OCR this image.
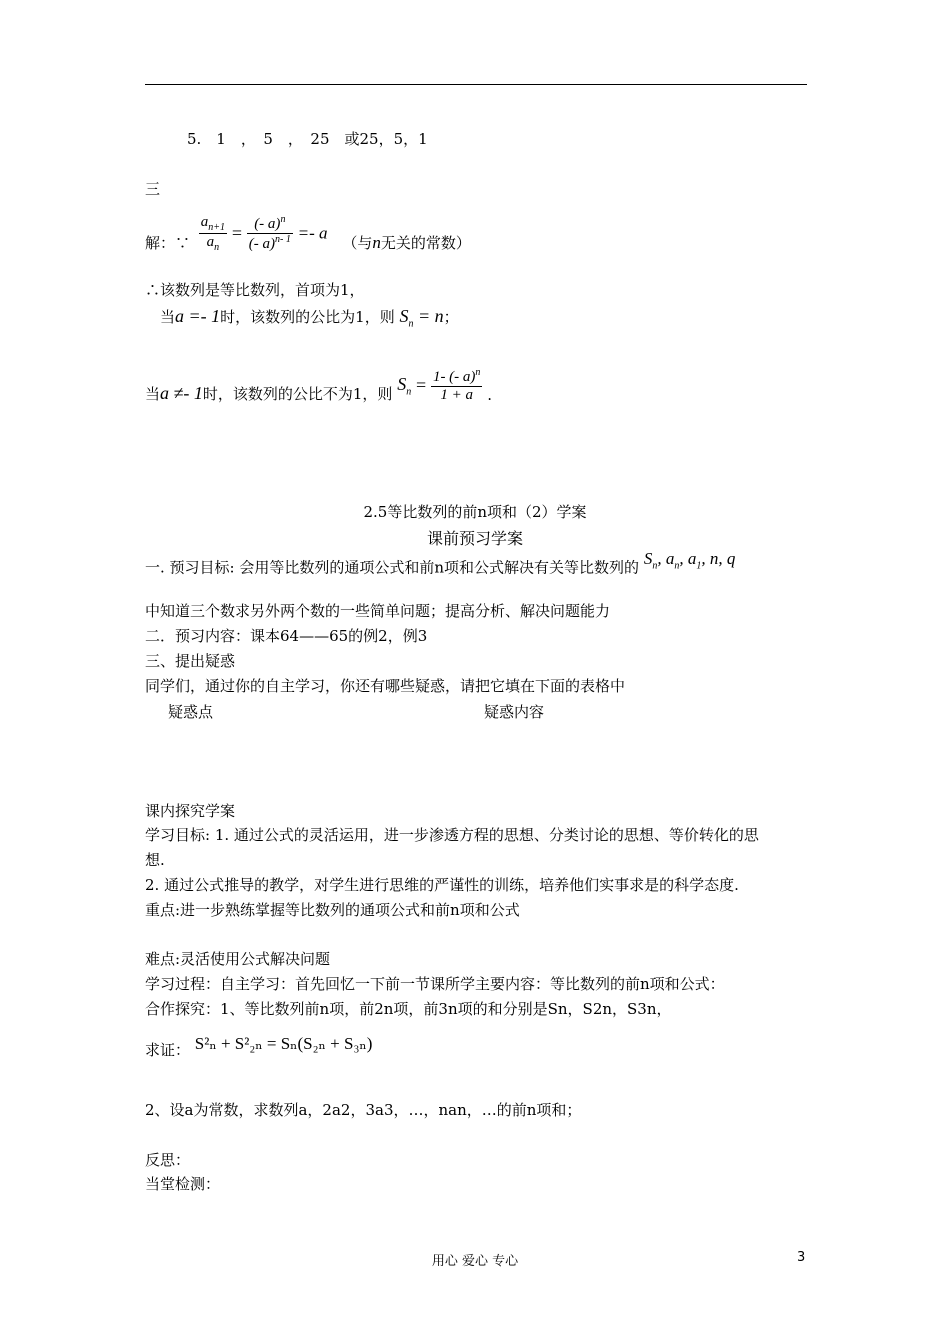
5.　1　，　5　，　25　或25，5，1
三
解：∵ $\frac{a_{n+1}}{a_n} = \frac{(- a)^n}{(- a)^{n- 1}} =- a$ （与n无关的常数）
∴该数列是等比数列，首项为1，
当a =- 1时，该数列的公比为1，则 $S_n = n$；
当a ≠- 1时，该数列的公比不为1，则 $S_n = \frac{1- (- a)^n}{1 + a}$ .
2.5等比数列的前n项和（2）学案
课前预习学案
一. 预习目标: 会用等比数列的通项公式和前n项和公式解决有关等比数列的 $S_n$, $a_n$, $a_1$, n, q
中知道三个数求另外两个数的一些简单问题；提高分析、解决问题能力
二．预习内容：课本64——65的例2，例3
三、提出疑惑
同学们，通过你的自主学习，你还有哪些疑惑，请把它填在下面的表格中
疑惑点	疑惑内容
课内探究学案
学习目标: 1. 通过公式的灵活运用，进一步渗透方程的思想、分类讨论的思想、等价转化的思
想.
2. 通过公式推导的教学，对学生进行思维的严谨性的训练，培养他们实事求是的科学态度.
重点:进一步熟练掌握等比数列的通项公式和前n项和公式
难点:灵活使用公式解决问题
学习过程：自主学习：首先回忆一下前一节课所学主要内容：等比数列的前n项和公式：
合作探究：1、等比数列前n项，前2n项，前3n项的和分别是Sn，S2n，S3n，
求证： S²ₙ + S²₂ₙ = Sₙ(S₂ₙ + S₃ₙ)
2、设a为常数，求数列a，2a2，3a3，…，nan，…的前n项和；
反思：
当堂检测：
用心 爱心 专心	3
